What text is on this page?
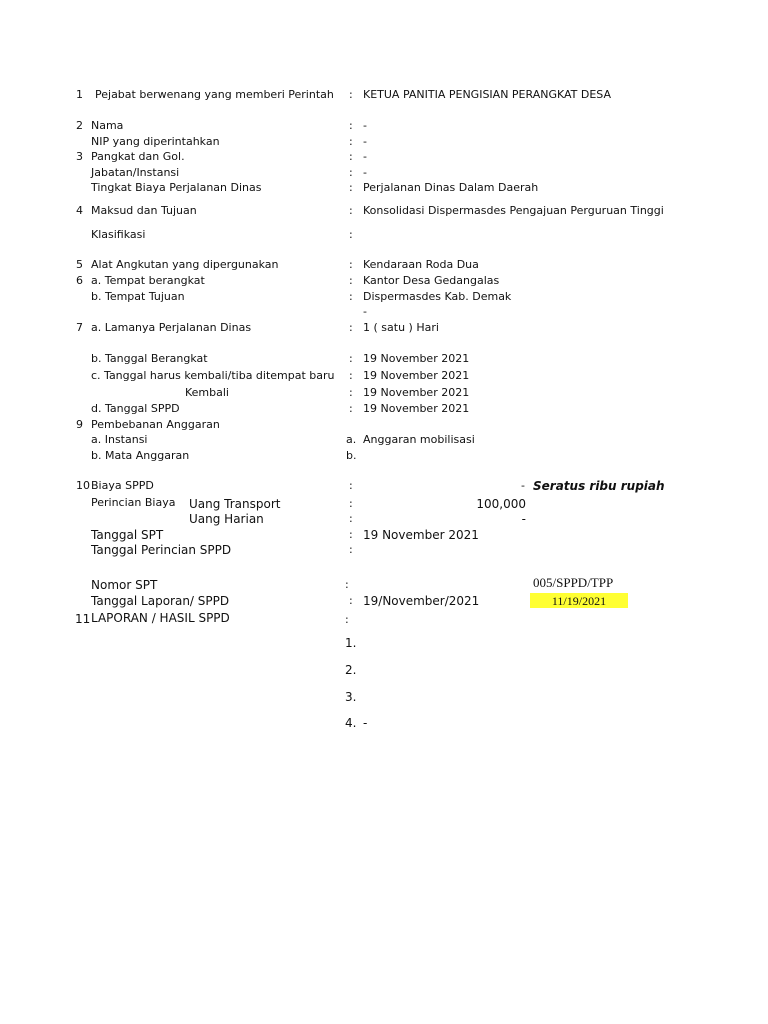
1 Pejabat berwenang yang memberi Perintah : KETUA PANITIA PENGISIAN PERANGKAT DESA
2 Nama	: -
NIP yang diperintahkan	: -
3 Pangkat dan Gol.	: -
Jabatan/Instansi	: -
Tingkat Biaya Perjalanan Dinas	: Perjalanan Dinas Dalam Daerah
4 Maksud dan Tujuan	: Konsolidasi Dispermasdes Pengajuan Perguruan Tinggi
Klasifikasi	:
5 Alat Angkutan yang dipergunakan	: Kendaraan Roda Dua
6 a. Tempat berangkat	: Kantor Desa Gedangalas
b. Tempat Tujuan	: Dispermasdes Kab. Demak
-
7 a. Lamanya Perjalanan Dinas	: 1 ( satu ) Hari
b. Tanggal Berangkat	: 19 November 2021
c. Tanggal harus kembali/tiba ditempat baru : 19 November 2021
Kembali	: 19 November 2021
d. Tanggal SPPD	: 19 November 2021
9 Pembebanan Anggaran
a. Instansi	a. Anggaran mobilisasi
b. Mata Anggaran	b.
10 Biaya SPPD	:	- Seratus ribu rupiah
Perincian Biaya Uang Transport	:	100,000
Uang Harian	:	-
Tanggal SPT	: 19 November 2021
Tanggal Perincian SPPD	:
Nomor SPT	:	005/SPPD/TPP
Tanggal Laporan/ SPPD	: 19/November/2021	11/19/2021
11 LAPORAN / HASIL SPPD	:
1.
2.
3.
4. -
